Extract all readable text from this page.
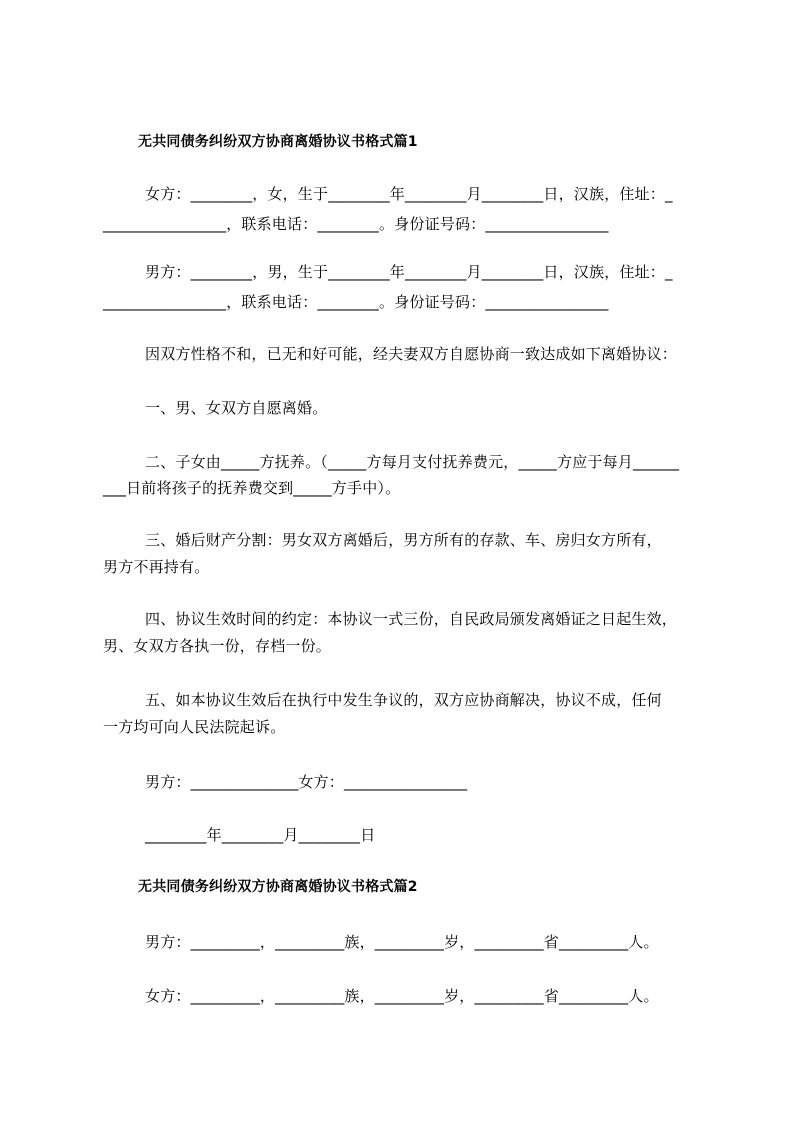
无共同债务纠纷双方协商离婚协议书格式篇1
女方：________，女，生于________年________月________日，汉族，住址：_
________________，联系电话：________。身份证号码：________________
男方：________，男，生于________年________月________日，汉族，住址：_
________________，联系电话：________。身份证号码：________________
因双方性格不和，已无和好可能，经夫妻双方自愿协商一致达成如下离婚协议：
一、男、女双方自愿离婚。
二、子女由_____方抚养。（_____方每月支付抚养费元，_____方应于每月______
___日前将孩子的抚养费交到_____方手中）。
三、婚后财产分割：男女双方离婚后，男方所有的存款、车、房归女方所有，
男方不再持有。
四、协议生效时间的约定：本协议一式三份，自民政局颁发离婚证之日起生效，
男、女双方各执一份，存档一份。
五、如本协议生效后在执行中发生争议的，双方应协商解决，协议不成，任何
一方均可向人民法院起诉。
男方：______________女方：________________
________年________月________日
无共同债务纠纷双方协商离婚协议书格式篇2
男方：_________，_________族，_________岁，_________省_________人。
女方：_________，_________族，_________岁，_________省_________人。
